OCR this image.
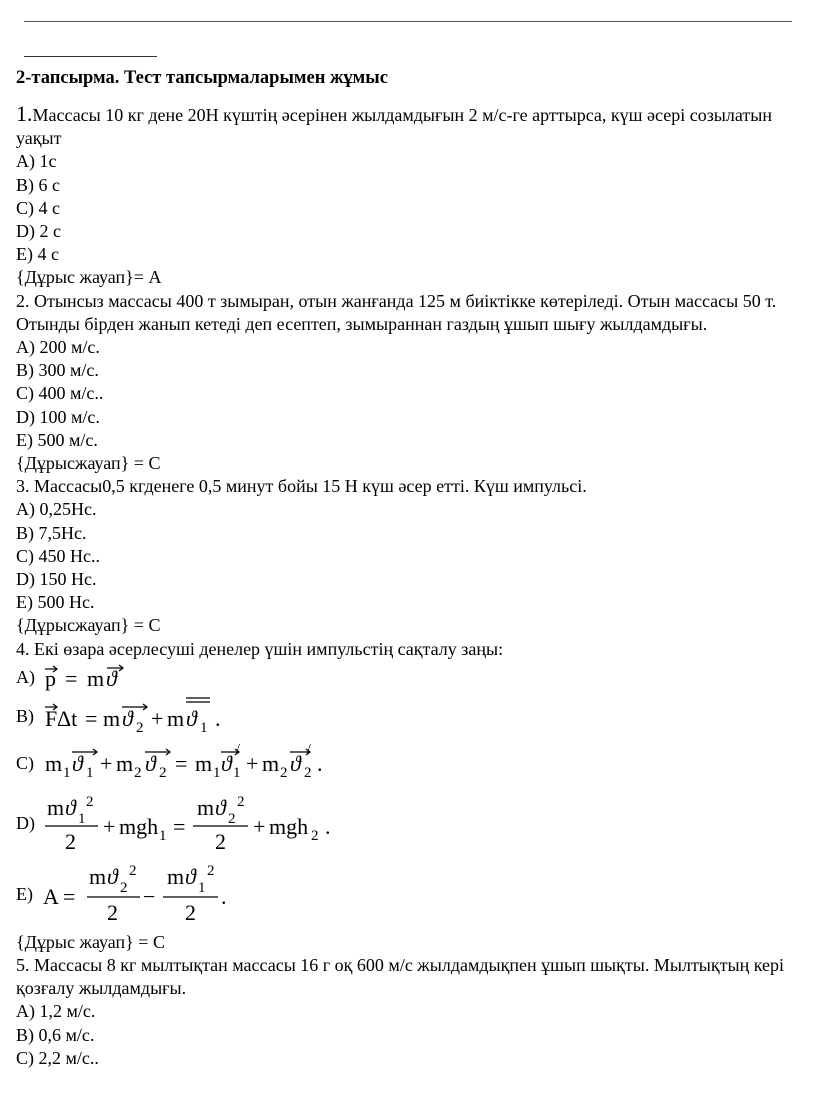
2-тапсырма. Тест тапсырмаларымен жұмыс

1.Массасы 10 кг дене 20Н күштің әсерінен жылдамдығын 2 м/с-ге арттырса, күш әсері созылатын уақыт

A) 1с

B) 6 с

C) 4 с

D) 2 с

E) 4 с

{Дұрыс жауап}= A

2. Отынсыз массасы 400 т зымыран, отын жанғанда 125 м биіктікке көтеріледі. Отын массасы 50 т. Отынды бірден жанып кетеді деп есептеп, зымыраннан газдың ұшып шығу жылдамдығы.

A) 200 м/с.

B) 300 м/с.

C) 400 м/с..

D) 100 м/с.

E) 500 м/с.

{Дұрысжауап} = C

3. Массасы0,5 кгденеге 0,5 минут бойы 15 Н күш әсер етті. Күш импульсі.

A) 0,25Нс.

B) 7,5Нс.

C) 450 Нс..

D) 150 Нс.

E) 500 Нс.

{Дұрысжауап} = C

4. Екі өзара әсерлесуші денелер үшін импульстің сақталу заңы:

A) p = m ϑ
B) F Δt = m ϑ 2 + m ϑ 1 .
C) m 1 ϑ 1 + m 2 ϑ 2 = m 1 ϑ 1
/
+ m 2 ϑ 2
/
.
D)
m ϑ 1
2
2
+ mgh 1 =
m ϑ 2
2
2
+ mgh 2 .
E) A =
m ϑ 2
2
2
−
m ϑ 1
2
2
.

{Дұрыс жауап} = C

5. Массасы 8 кг мылтықтан массасы 16 г оқ 600 м/с жылдамдықпен ұшып шықты. Мылтықтың кері қозғалу жылдамдығы.

A) 1,2 м/с.

B) 0,6 м/с.

C) 2,2 м/с..
